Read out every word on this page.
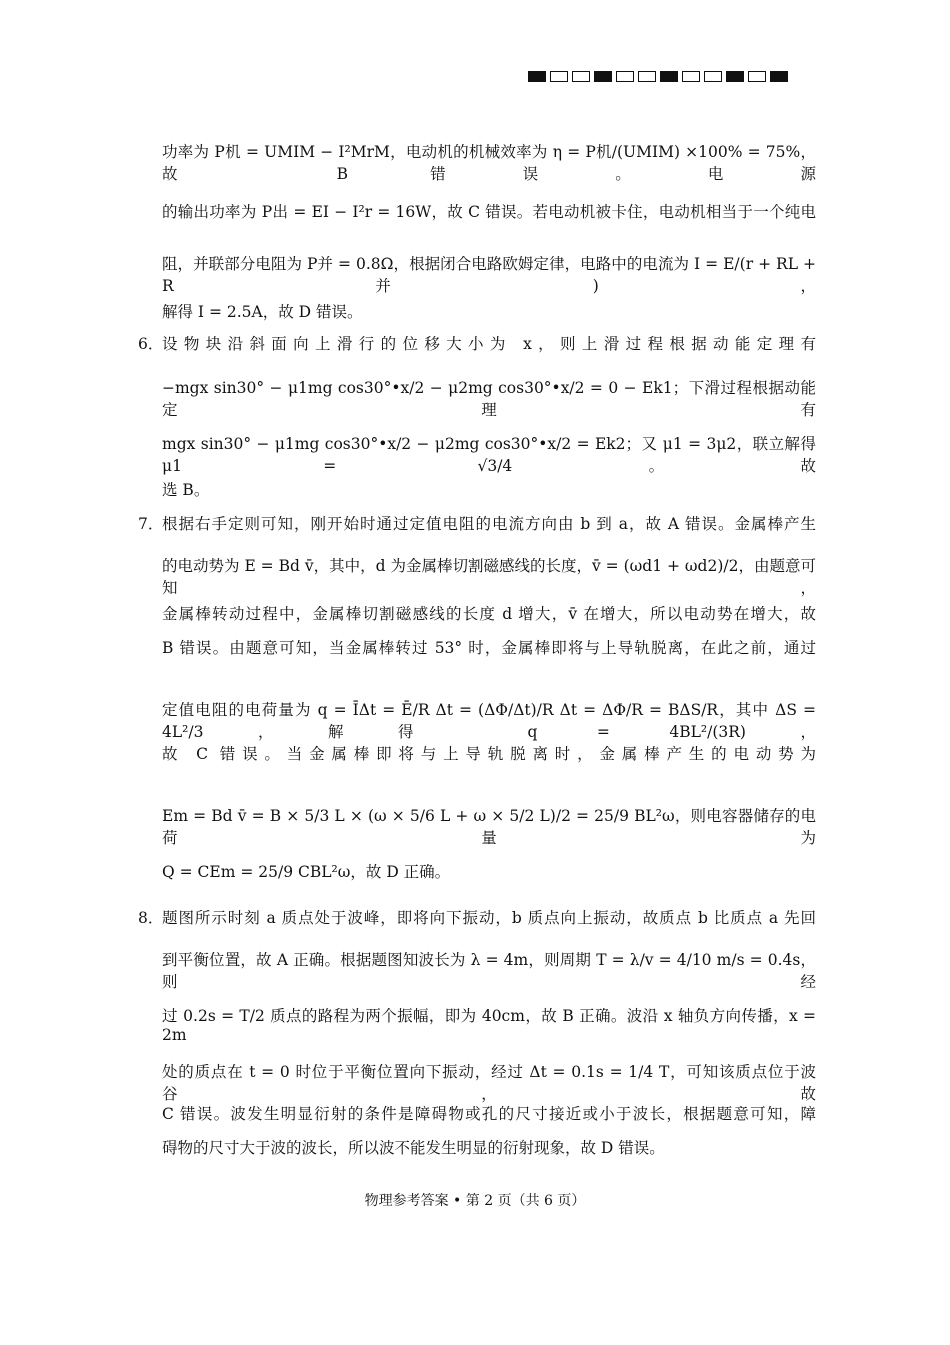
功率为 P机 = UMIM − I²MrM，电动机的机械效率为 η = P机/(UMIM) ×100% = 75%，故 B 错误。电源
的输出功率为 P出 = EI − I²r = 16W，故 C 错误。若电动机被卡住，电动机相当于一个纯电
阻，并联部分电阻为 P并 = 0.8Ω，根据闭合电路欧姆定律，电路中的电流为 I = E/(r + RL + R并)，
解得 I = 2.5A，故 D 错误。
6．
设物块沿斜面向上滑行的位移大小为 x，则上滑过程根据动能定理有
−mgx sin30° − μ1mg cos30°•x/2 − μ2mg cos30°•x/2 = 0 − Ek1；下滑过程根据动能定理有
mgx sin30° − μ1mg cos30°•x/2 − μ2mg cos30°•x/2 = Ek2；又 μ1 = 3μ2，联立解得 μ1 = √3/4。故
选 B。
7．
根据右手定则可知，刚开始时通过定值电阻的电流方向由 b 到 a，故 A 错误。金属棒产生
的电动势为 E = Bd v̄，其中，d 为金属棒切割磁感线的长度，v̄ = (ωd1 + ωd2)/2，由题意可知，
金属棒转动过程中，金属棒切割磁感线的长度 d 增大，v̄ 在增大，所以电动势在增大，故
B 错误。由题意可知，当金属棒转过 53° 时，金属棒即将与上导轨脱离，在此之前，通过
定值电阻的电荷量为 q = ĪΔt = Ē/R Δt = (ΔΦ/Δt)/R Δt = ΔΦ/R = BΔS/R，其中 ΔS = 4L²/3，解得 q = 4BL²/(3R)，
故 C 错误。当金属棒即将与上导轨脱离时，金属棒产生的电动势为
Em = Bd v̄ = B × 5/3 L × (ω × 5/6 L + ω × 5/2 L)/2 = 25/9 BL²ω，则电容器储存的电荷量为
Q = CEm = 25/9 CBL²ω，故 D 正确。
8．
题图所示时刻 a 质点处于波峰，即将向下振动，b 质点向上振动，故质点 b 比质点 a 先回
到平衡位置，故 A 正确。根据题图知波长为 λ = 4m，则周期 T = λ/v = 4/10 m/s = 0.4s，则经
过 0.2s = T/2 质点的路程为两个振幅，即为 40cm，故 B 正确。波沿 x 轴负方向传播，x = 2m
处的质点在 t = 0 时位于平衡位置向下振动，经过 Δt = 0.1s = 1/4 T，可知该质点位于波谷，故
C 错误。波发生明显衍射的条件是障碍物或孔的尺寸接近或小于波长，根据题意可知，障
碍物的尺寸大于波的波长，所以波不能发生明显的衍射现象，故 D 错误。
物理参考答案 • 第 2 页（共 6 页）
